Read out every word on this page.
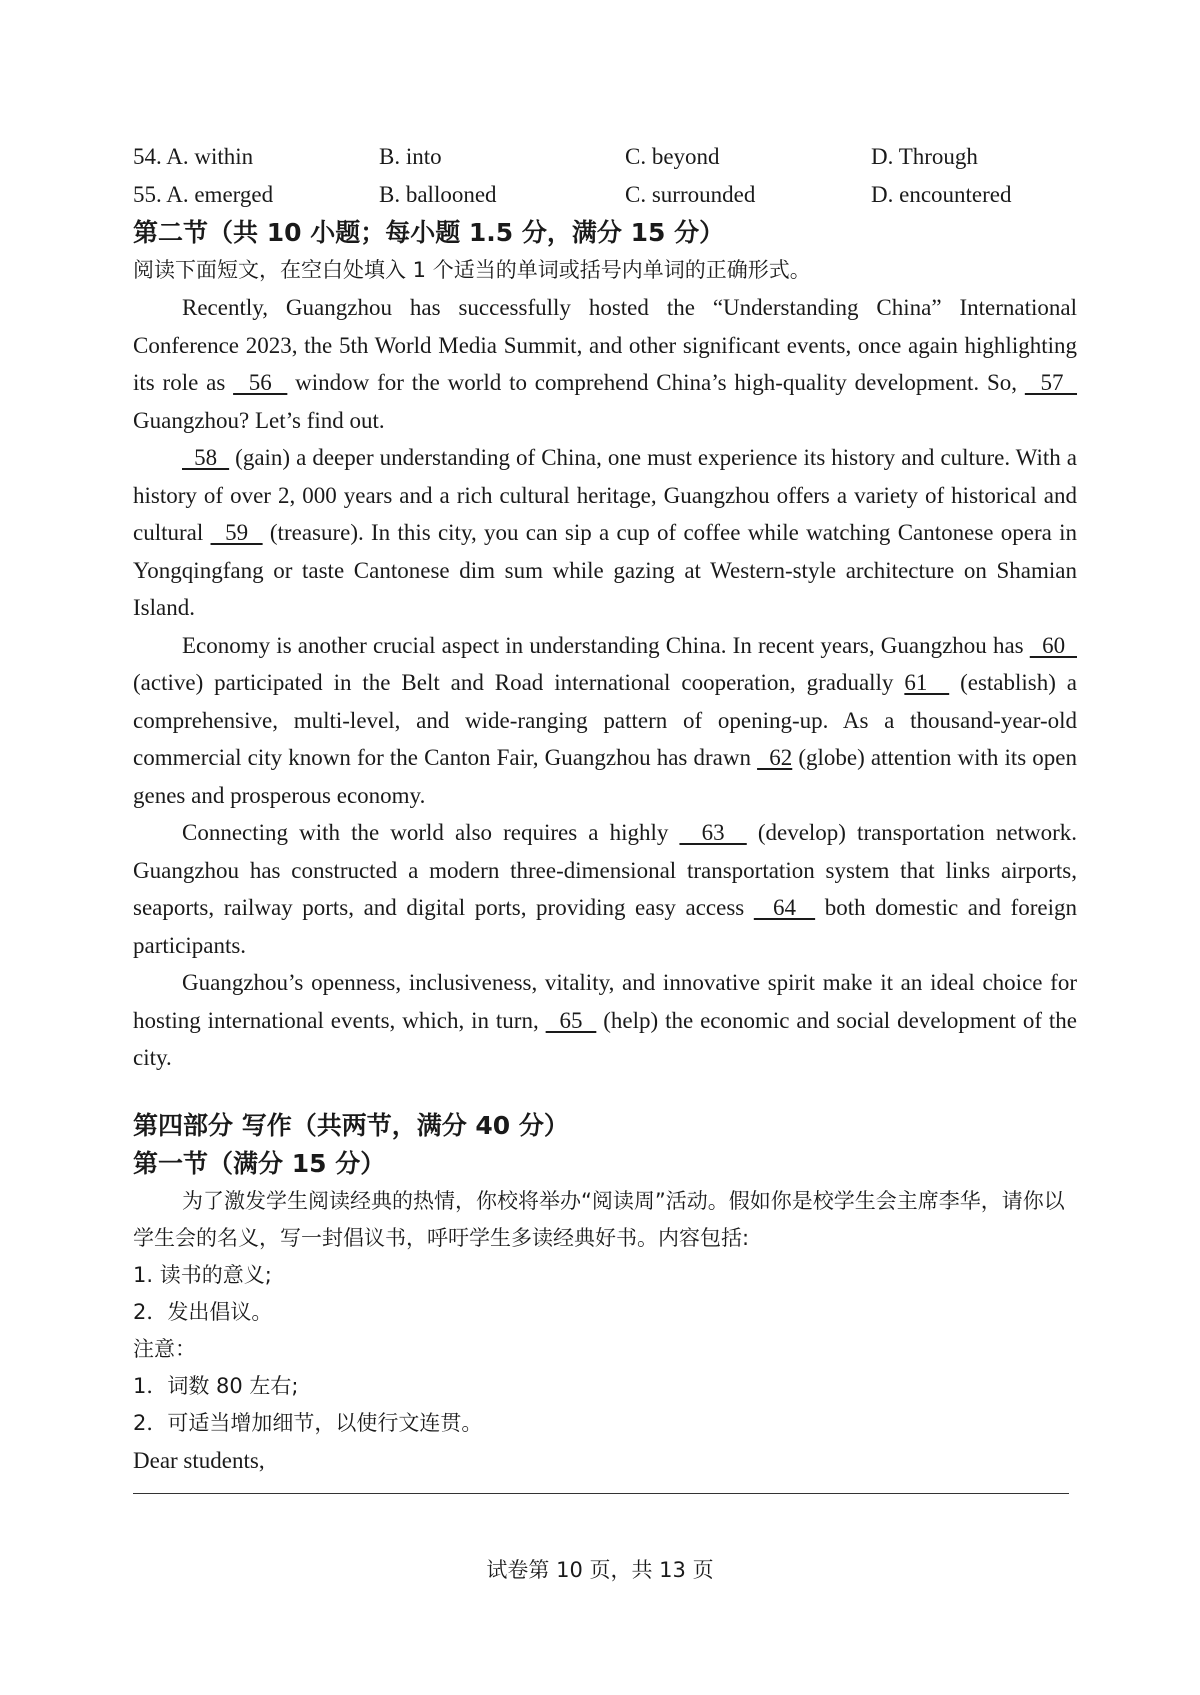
54. A. within	B. into	C. beyond	D. Through
55. A. emerged	B. ballooned	C. surrounded	D. encountered
第二节（共 10 小题；每小题 1.5 分，满分 15 分）
阅读下面短文，在空白处填入 1 个适当的单词或括号内单词的正确形式。

Recently, Guangzhou has successfully hosted the “Understanding China” International Conference 2023, the 5th World Media Summit, and other significant events, once again highlighting its role as   56   window for the world to comprehend China’s high-quality development. So,   57   Guangzhou? Let’s find out.

58   (gain) a deeper understanding of China, one must experience its history and culture. With a history of over 2, 000 years and a rich cultural heritage, Guangzhou offers a variety of historical and cultural   59   (treasure). In this city, you can sip a cup of coffee while watching Cantonese opera in Yongqingfang or taste Cantonese dim sum while gazing at Western-style architecture on Shamian Island.

Economy is another crucial aspect in understanding China. In recent years, Guangzhou has   60   (active) participated in the Belt and Road international cooperation, gradually 61   (establish) a comprehensive, multi-level, and wide-ranging pattern of opening-up. As a thousand-year-old commercial city known for the Canton Fair, Guangzhou has drawn   62 (globe) attention with its open genes and prosperous economy.

Connecting with the world also requires a highly   63   (develop) transportation network. Guangzhou has constructed a modern three-dimensional transportation system that links airports, seaports, railway ports, and digital ports, providing easy access   64   both domestic and foreign participants.

Guangzhou’s openness, inclusiveness, vitality, and innovative spirit make it an ideal choice for hosting international events, which, in turn,   65   (help) the economic and social development of the city.

第四部分 写作（共两节，满分 40 分）
第一节（满分 15 分）
为了激发学生阅读经典的热情，你校将举办“阅读周”活动。假如你是校学生会主席李华，请你以学生会的名义，写一封倡议书，呼吁学生多读经典好书。内容包括:
1. 读书的意义;
2．发出倡议。
注意：
1．词数 80 左右;
2．可适当增加细节，以使行文连贯。
Dear students,
试卷第 10 页，共 13 页
